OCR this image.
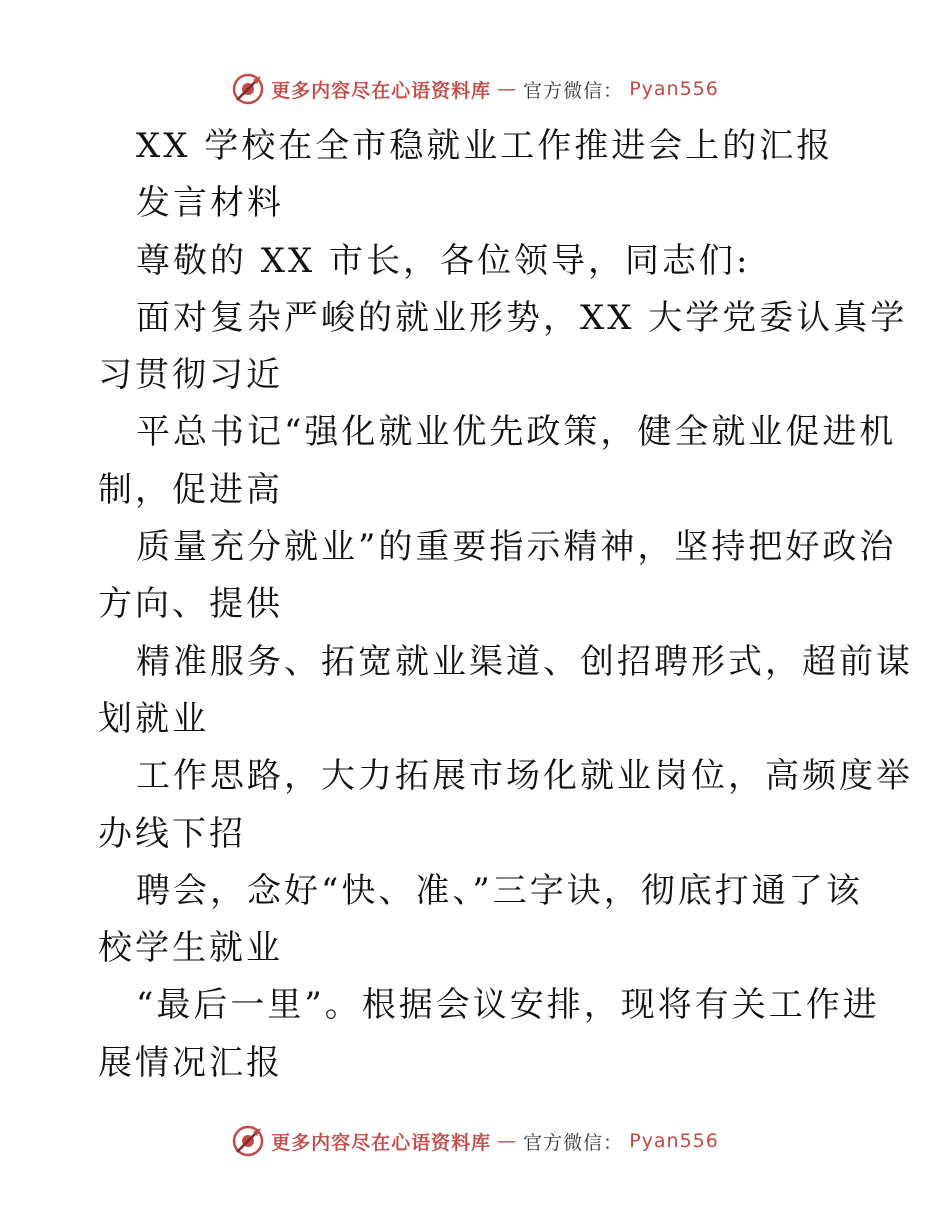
更多内容尽在心语资料库 — 官方微信： Pyan556
XX 学校在全市稳就业工作推进会上的汇报
发言材料
尊敬的 XX 市长，各位领导，同志们:
面对复杂严峻的就业形势，XX 大学党委认真学
习贯彻习近
平总书记“强化就业优先政策，健全就业促进机
制，促进高
质量充分就业”的重要指示精神，坚持把好政治
方向、提供
精准服务、拓宽就业渠道、创招聘形式，超前谋
划就业
工作思路，大力拓展市场化就业岗位，高频度举
办线下招
聘会，念好“快、准、”三字诀，彻底打通了该
校学生就业
“最后一里”。根据会议安排，现将有关工作进
展情况汇报
更多内容尽在心语资料库 — 官方微信： Pyan556
